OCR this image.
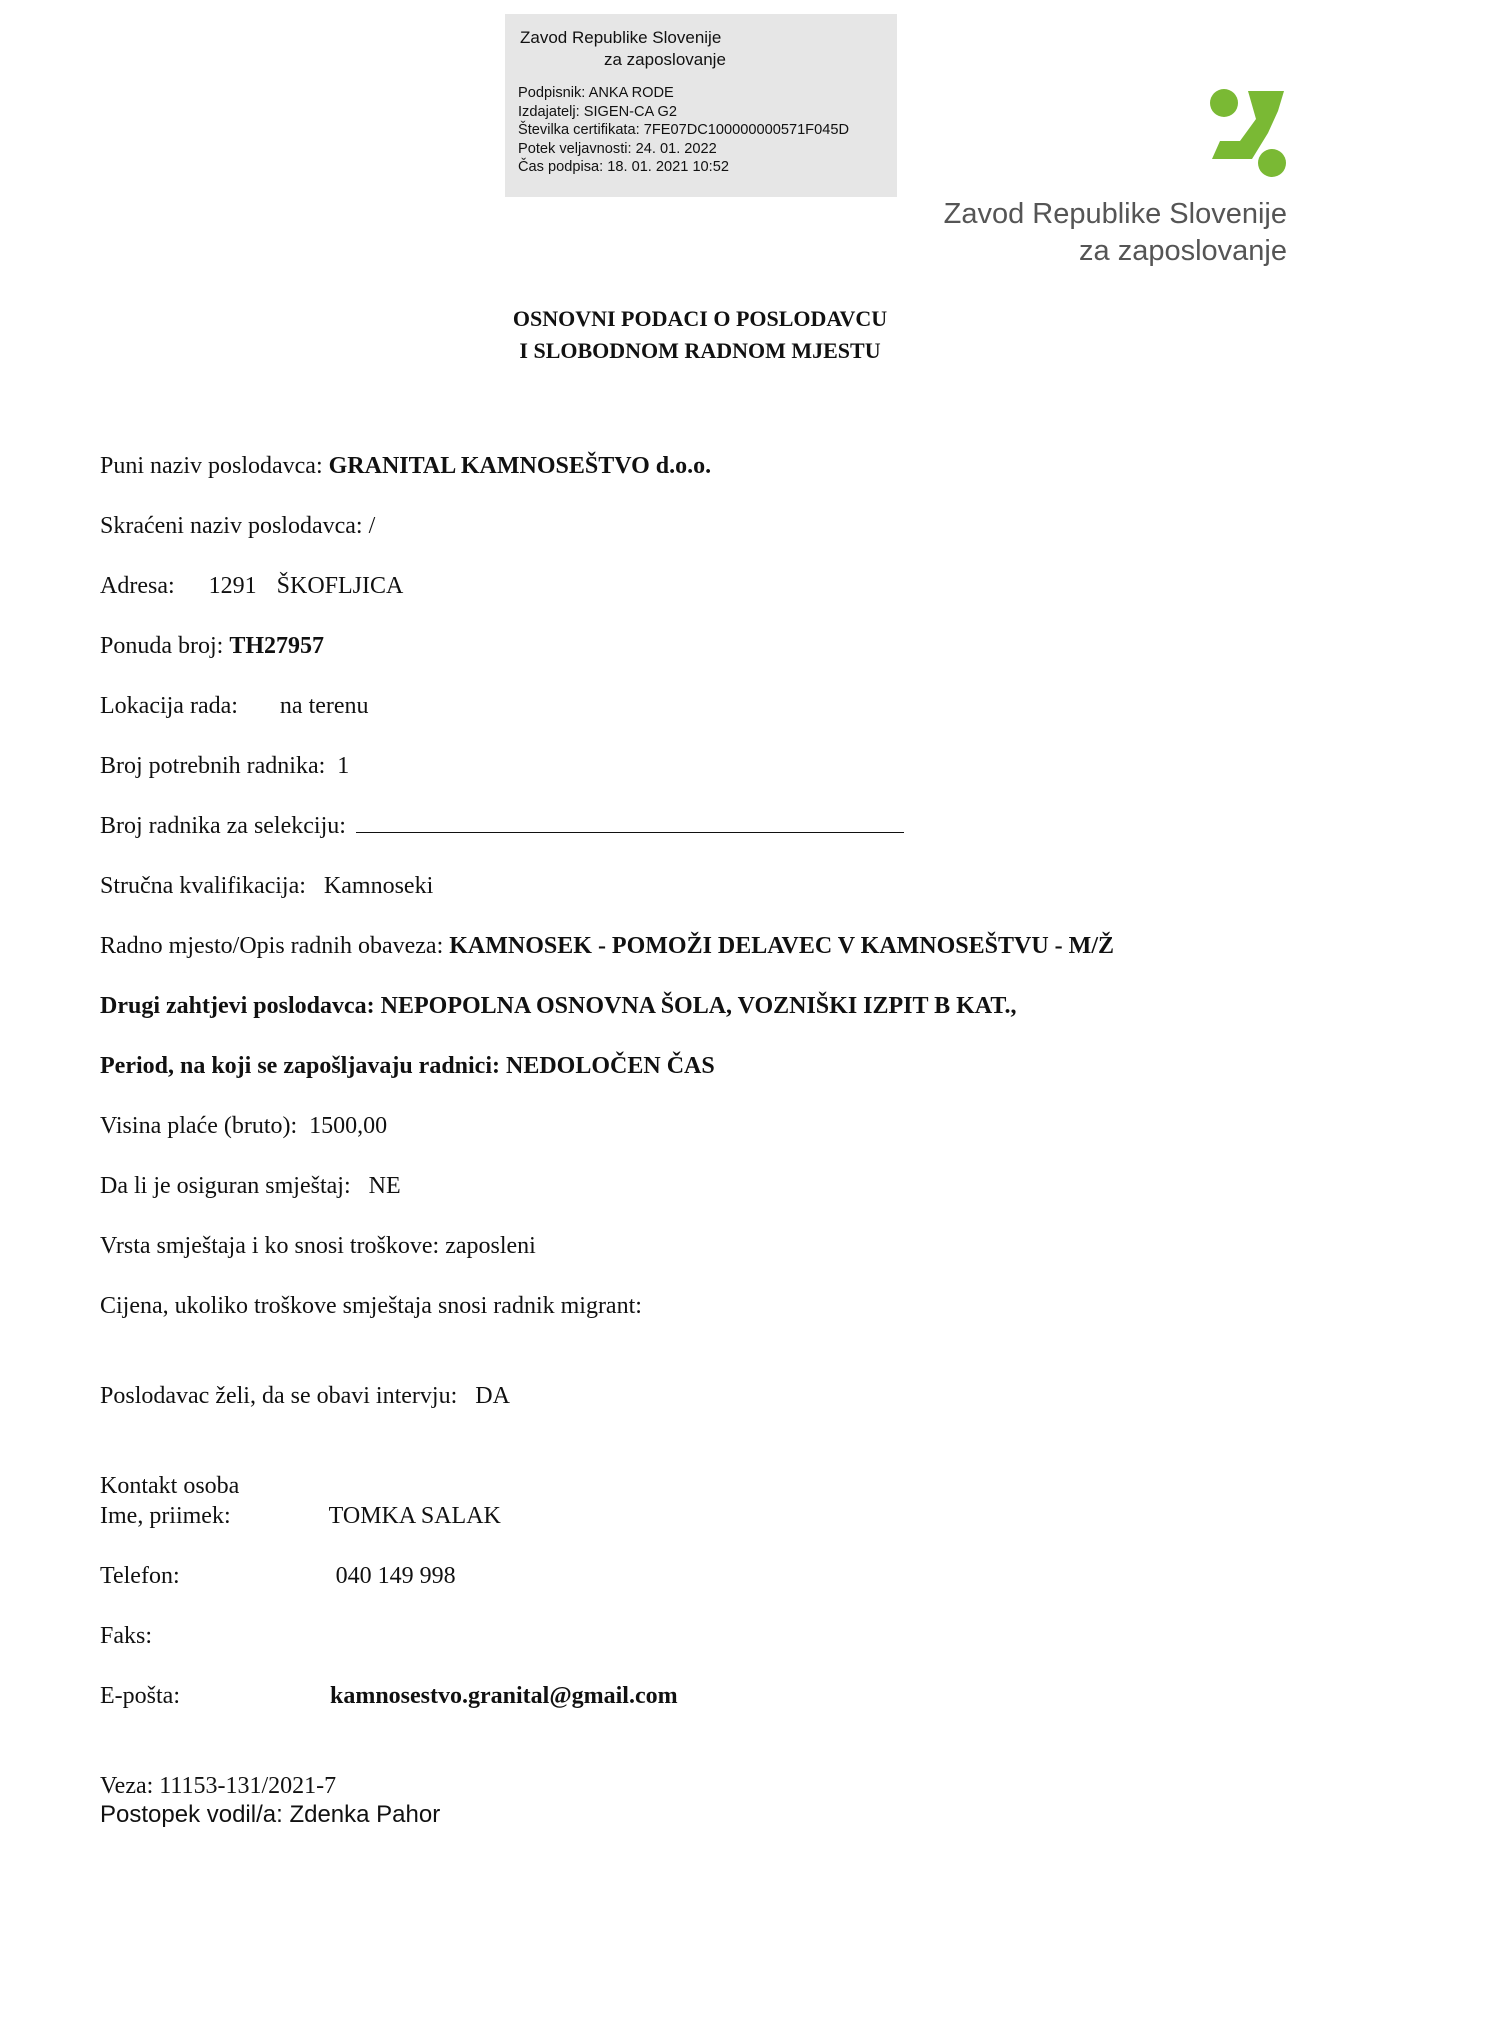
Zavod Republike Slovenije
za zaposlovanje
Podpisnik: ANKA RODE
Izdajatelj: SIGEN-CA G2
Številka certifikata: 7FE07DC100000000571F045D
Potek veljavnosti: 24. 01. 2022
Čas podpisa: 18. 01. 2021 10:52
Zavod Republike Slovenije
za zaposlovanje
OSNOVNI PODACI O POSLODAVCU
I SLOBODNOM RADNOM MJESTU
Puni naziv poslodavca: GRANITAL KAMNOSEŠTVO d.o.o.
Skraćeni naziv poslodavca: /
Adresa: 1291 ŠKOFLJICA
Ponuda broj: TH27957
Lokacija rada: na terenu
Broj potrebnih radnika: 1
Broj radnika za selekciju:
Stručna kvalifikacija: Kamnoseki
Radno mjesto/Opis radnih obaveza: KAMNOSEK - POMOŽI DELAVEC V KAMNOSEŠTVU - M/Ž
Drugi zahtjevi poslodavca: NEPOPOLNA OSNOVNA ŠOLA, VOZNIŠKI IZPIT B KAT.,
Period, na koji se zapošljavaju radnici: NEDOLOČEN ČAS
Visina plaće (bruto): 1500,00
Da li je osiguran smještaj: NE
Vrsta smještaja i ko snosi troškove: zaposleni
Cijena, ukoliko troškove smještaja snosi radnik migrant:
Poslodavac želi, da se obavi intervju: DA
Kontakt osoba
Ime, priimek:	TOMKA SALAK
Telefon:	040 149 998
Faks:
E-pošta:	kamnosestvo.granital@gmail.com
Veza: 11153-131/2021-7
Postopek vodil/a: Zdenka Pahor
